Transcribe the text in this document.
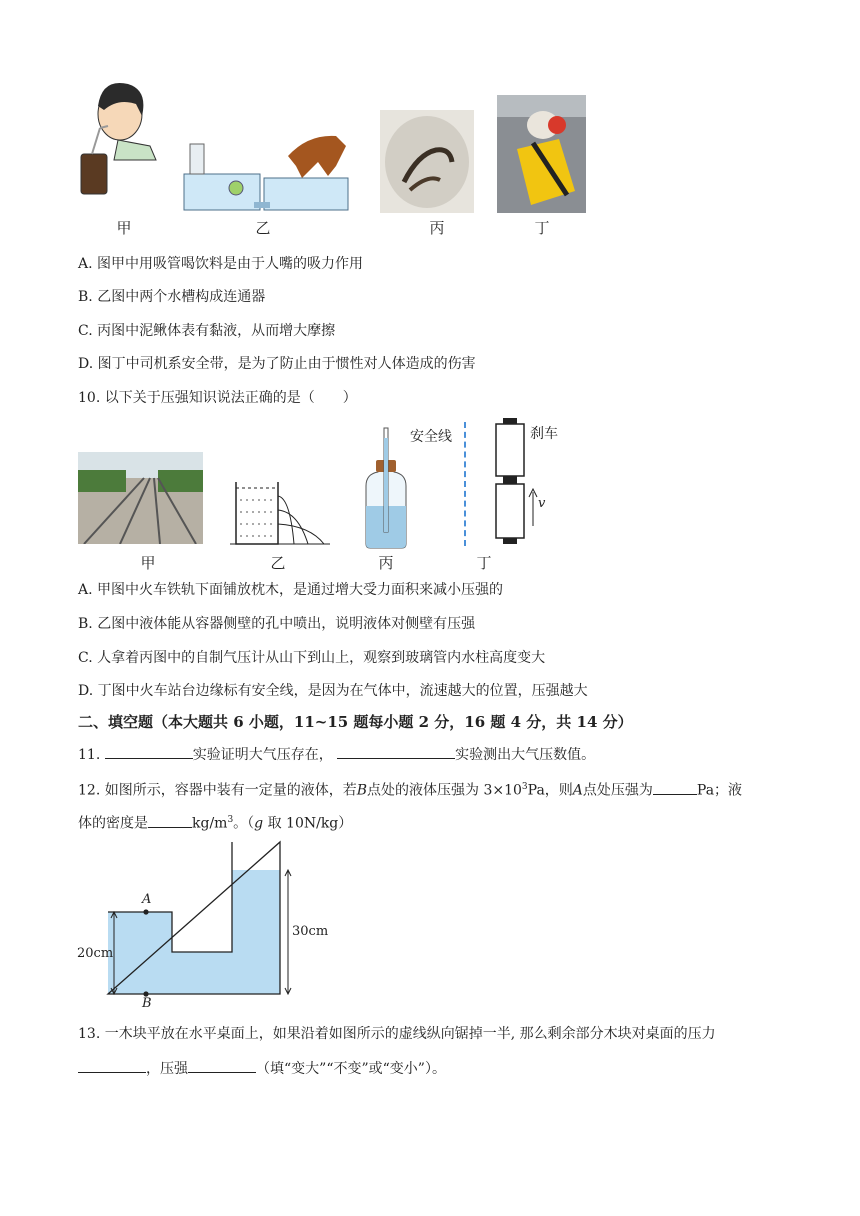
甲	乙	丙	丁
A. 图甲中用吸管喝饮料是由于人嘴的吸力作用
B. 乙图中两个水槽构成连通器
C. 丙图中泥鳅体表有黏液，从而增大摩擦
D. 图丁中司机系安全带，是为了防止由于惯性对人体造成的伤害
10. 以下关于压强知识说法正确的是（　　）
安全线	刹车
v
甲	乙	丙	丁
A. 甲图中火车铁轨下面铺放枕木，是通过增大受力面积来减小压强的
B. 乙图中液体能从容器侧壁的孔中喷出，说明液体对侧壁有压强
C. 人拿着丙图中的自制气压计从山下到山上，观察到玻璃管内水柱高度变大
D. 丁图中火车站台边缘标有安全线，是因为在气体中，流速越大的位置，压强越大
二、填空题（本大题共 6 小题，11~15 题每小题 2 分，16 题 4 分，共 14 分）
11.	实验证明大气压存在，	实验测出大气压数值。
12. 如图所示，容器中装有一定量的液体，若B点处的液体压强为 $3\times 10^3Pa$，则A点处压强为	Pa；液
体的密度是	$kg/m^3$。（g 取 10N/kg）
A
B
20cm
30cm
13. 一木块平放在水平桌面上，如果沿着如图所示的虚线纵向锯掉一半, 那么剩余部分木块对桌面的压力
，压强	（填“变大”“不变”或“变小”）。
